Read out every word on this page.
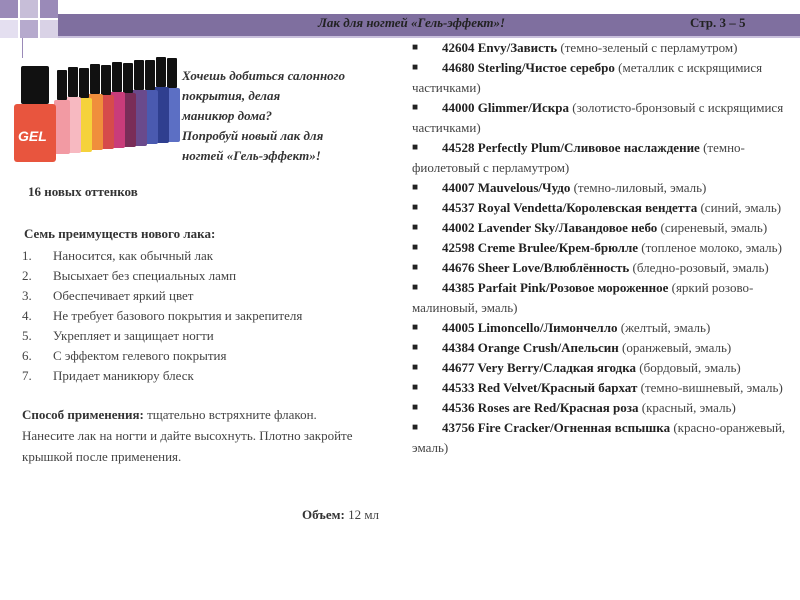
Лак для ногтей «Гель-эффект»!	Стр. 3 – 5
GEL
Хочешь добиться салонного
покрытия, делая
маникюр дома?
Попробуй новый лак для
ногтей «Гель-эффект»!
16 новых оттенков
Семь преимуществ нового лака:
1. Наносится, как обычный лак
2. Высыхает без специальных ламп
3. Обеспечивает яркий цвет
4. Не требует базового покрытия и закрепителя
5. Укрепляет и защищает ногти
6. С эффектом гелевого покрытия
7. Придает маникюру блеск
Способ применения: тщательно встряхните флакон. Нанесите лак на ногти и дайте высохнуть. Плотно закройте крышкой после применения.
Объем: 12 мл
■ 42604 Envy/Зависть (темно-зеленый с перламутром)
■ 44680 Sterling/Чистое серебро (металлик с искрящимися частичками)
■ 44000 Glimmer/Искра (золотисто-бронзовый с искрящимися частичками)
■ 44528 Perfectly Plum/Сливовое наслаждение (темно-фиолетовый с перламутром)
■ 44007 Mauvelous/Чудо (темно-лиловый, эмаль)
■ 44537 Royal Vendetta/Королевская вендетта (синий, эмаль)
■ 44002 Lavender Sky/Лавандовое небо (сиреневый, эмаль)
■ 42598 Creme Brulee/Крем-брюлле (топленое молоко, эмаль)
■ 44676 Sheer Love/Влюблённость (бледно-розовый, эмаль)
■ 44385 Parfait Pink/Розовое мороженное (яркий розово-малиновый, эмаль)
■ 44005 Limoncello/Лимончелло (желтый, эмаль)
■ 44384 Orange Crush/Апельсин (оранжевый, эмаль)
■ 44677 Very Berry/Сладкая ягодка (бордовый, эмаль)
■ 44533 Red Velvet/Красный бархат (темно-вишневый, эмаль)
■ 44536 Roses are Red/Красная роза (красный, эмаль)
■ 43756 Fire Cracker/Огненная вспышка (красно-оранжевый, эмаль)
